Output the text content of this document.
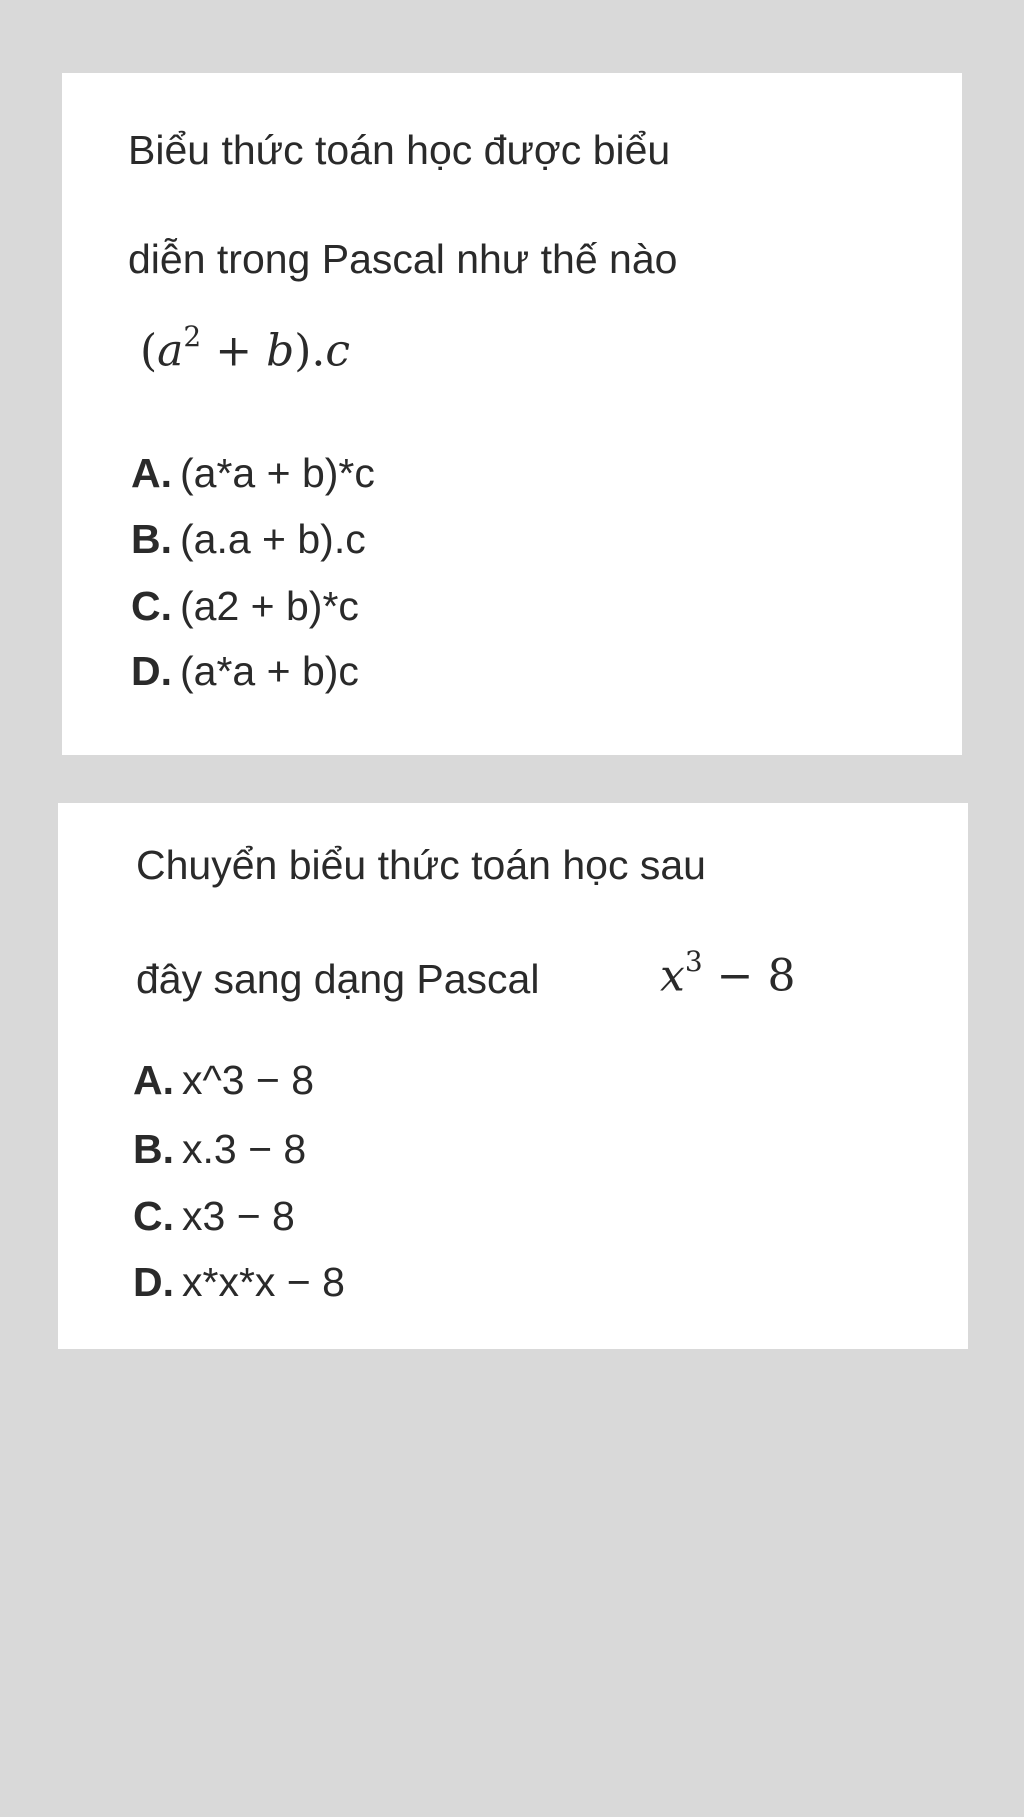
Biểu thức toán học được biểu
diễn trong Pascal như thế nào
$(a^2 + b).c$
A. (a*a + b)*c
B. (a.a + b).c
C. (a2 + b)*c
D. (a*a + b)c
Chuyển biểu thức toán học sau
đây sang dạng Pascal	$x^3 - 8$
A. x^3 − 8
B. x.3 − 8
C. x3 − 8
D. x*x*x − 8
